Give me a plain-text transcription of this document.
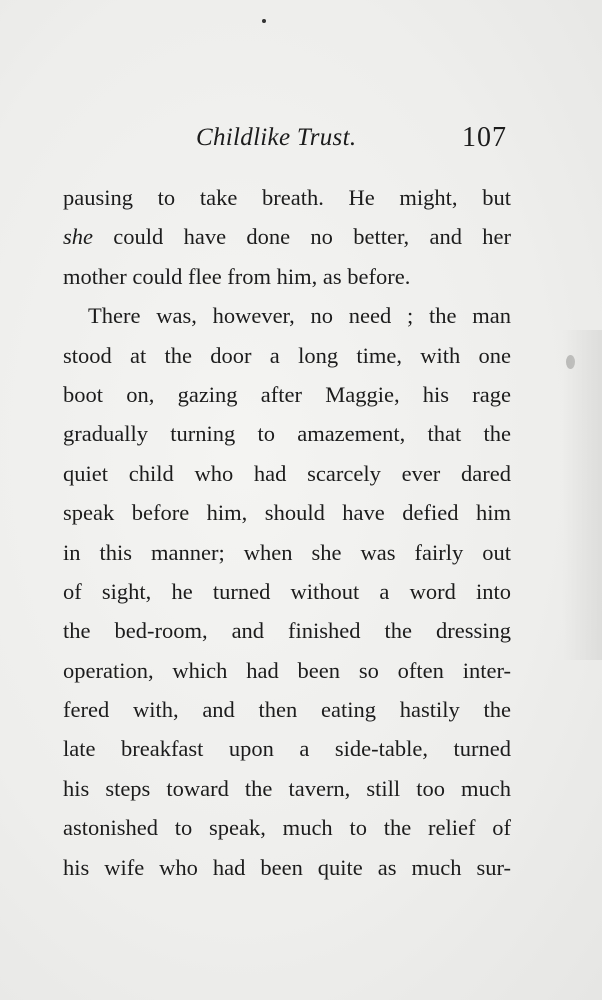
Childlike Trust.	107
pausing to take breath. He might, but
she could have done no better, and her
mother could flee from him, as before.
There was, however, no need ; the man
stood at the door a long time, with one
boot on, gazing after Maggie, his rage
gradually turning to amazement, that the
quiet child who had scarcely ever dared
speak before him, should have defied him
in this manner; when she was fairly out
of sight, he turned without a word into
the bed-room, and finished the dressing
operation, which had been so often inter-
fered with, and then eating hastily the
late breakfast upon a side-table, turned
his steps toward the tavern, still too much
astonished to speak, much to the relief of
his wife who had been quite as much sur-
